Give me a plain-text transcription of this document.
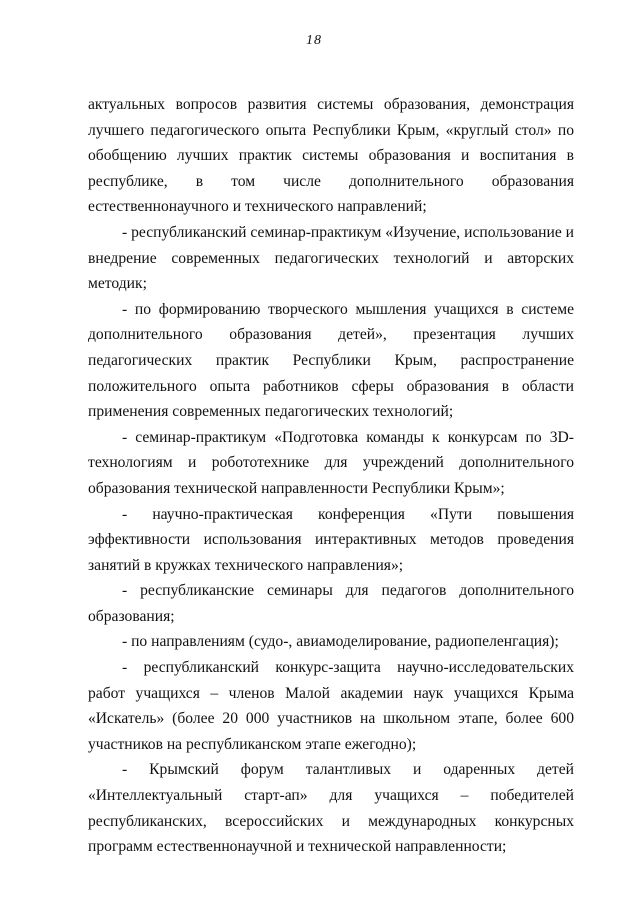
18

актуальных вопросов развития системы образования, демонстрация лучшего педагогического опыта Республики Крым, «круглый стол» по обобщению лучших практик системы образования и воспитания в республике, в том числе дополнительного образования естественнонаучного и технического направлений;

- республиканский семинар-практикум «Изучение, использование и внедрение современных педагогических технологий и авторских методик;

- по формированию творческого мышления учащихся в системе дополнительного образования детей», презентация лучших педагогических практик Республики Крым, распространение положительного опыта работников сферы образования в области применения современных педагогических технологий;

- семинар-практикум «Подготовка команды к конкурсам по 3D-технологиям и робототехнике для учреждений дополнительного образования технической направленности Республики Крым»;

- научно-практическая конференция «Пути повышения эффективности использования интерактивных методов проведения занятий в кружках технического направления»;

- республиканские семинары для педагогов дополнительного образования;

- по направлениям (судо-, авиамоделирование, радиопеленгация);

- республиканский конкурс-защита научно-исследовательских работ учащихся – членов Малой академии наук учащихся Крыма «Искатель» (более 20 000 участников на школьном этапе, более 600 участников на республиканском этапе ежегодно);

- Крымский форум талантливых и одаренных детей «Интеллектуальный старт-ап» для учащихся – победителей республиканских, всероссийских и международных конкурсных программ естественнонаучной и технической направленности;
